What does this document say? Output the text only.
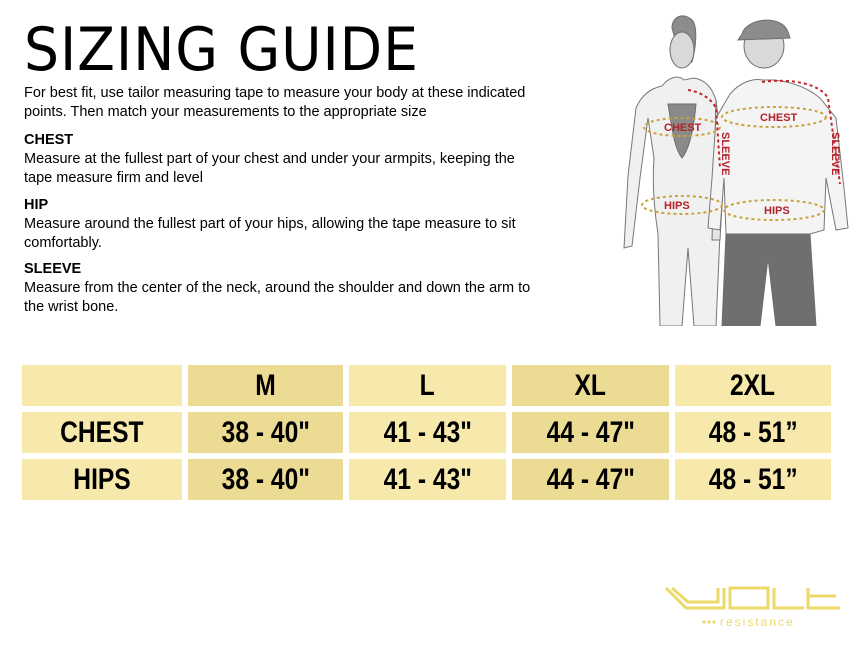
SIZING GUIDE
For best fit, use tailor measuring tape to measure your body at these indicated points. Then match your measurements to the appropriate size
CHEST
Measure at the fullest part of your chest and under your armpits, keeping the tape measure firm and level
HIP
Measure around the fullest part of your hips, allowing the tape measure to sit comfortably.
SLEEVE
Measure from the center of the neck, around the shoulder and down the arm to the wrist bone.
CHEST
CHEST
HIPS	HIPS
SLEEVE	SLEEVE
	M	L	XL	2XL
CHEST	38 - 40"	41 - 43"	44 - 47"	48 - 51”
HIPS	38 - 40"	41 - 43"	44 - 47"	48 - 51”
resistance
